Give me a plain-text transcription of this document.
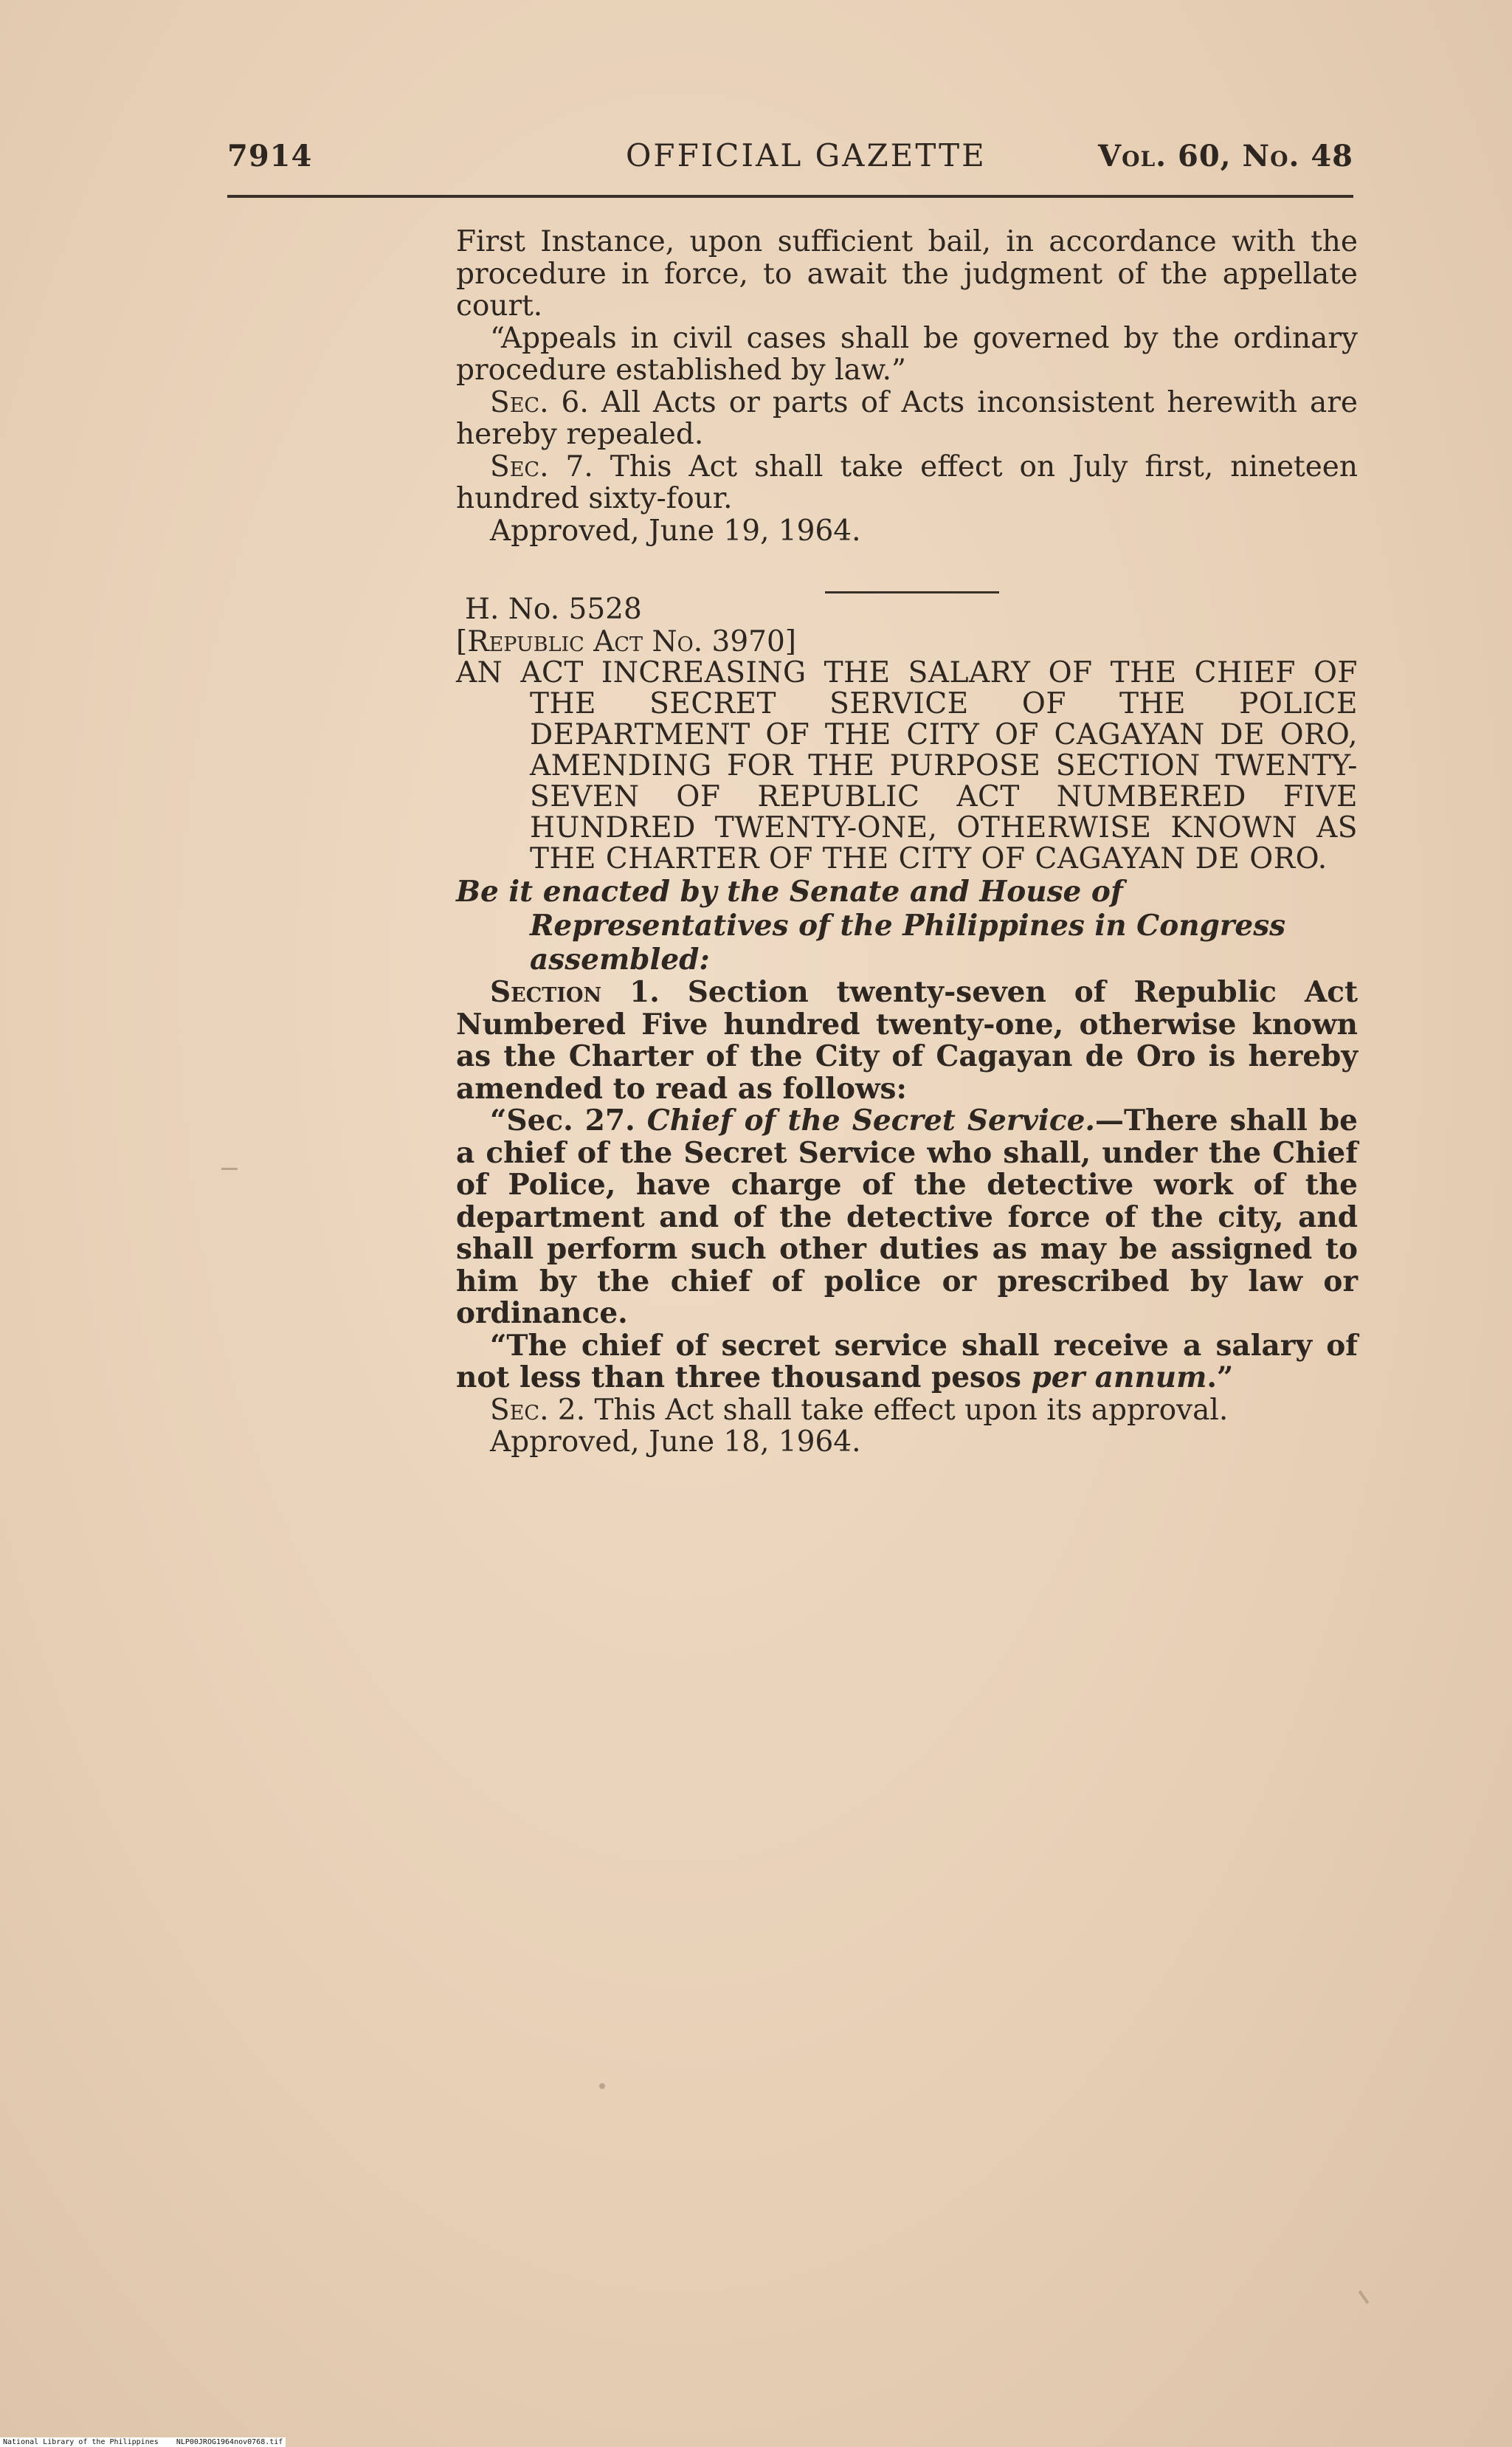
7914	OFFICIAL GAZETTE	Vol. 60, No. 48

First Instance, upon sufficient bail, in accordance with the procedure in force, to await the judgment of the appellate court.

“Appeals in civil cases shall be governed by the ordinary procedure established by law.”

Sec. 6. All Acts or parts of Acts inconsistent herewith are hereby repealed.

Sec. 7. This Act shall take effect on July first, nineteen hundred sixty-four.

Approved, June 19, 1964.

H. No. 5528

[Republic Act No. 3970]

AN ACT INCREASING THE SALARY OF THE CHIEF OF THE SECRET SERVICE OF THE POLICE DEPARTMENT OF THE CITY OF CAGAYAN DE ORO, AMENDING FOR THE PURPOSE SECTION TWENTY-SEVEN OF REPUBLIC ACT NUMBERED FIVE HUNDRED TWENTY-ONE, OTHERWISE KNOWN AS THE CHARTER OF THE CITY OF CAGAYAN DE ORO.

Be it enacted by the Senate and House of Representatives of the Philippines in Congress assembled:

Section 1. Section twenty-seven of Republic Act Numbered Five hundred twenty-one, otherwise known as the Charter of the City of Cagayan de Oro is hereby amended to read as follows:

“Sec. 27. Chief of the Secret Service.—There shall be a chief of the Secret Service who shall, under the Chief of Police, have charge of the detective work of the department and of the detective force of the city, and shall perform such other duties as may be assigned to him by the chief of police or prescribed by law or ordinance.

“The chief of secret service shall receive a salary of not less than three thousand pesos per annum.”

Sec. 2. This Act shall take effect upon its approval.

Approved, June 18, 1964.

National Library of the Philippines NLP00JROG1964nov0768.tif
